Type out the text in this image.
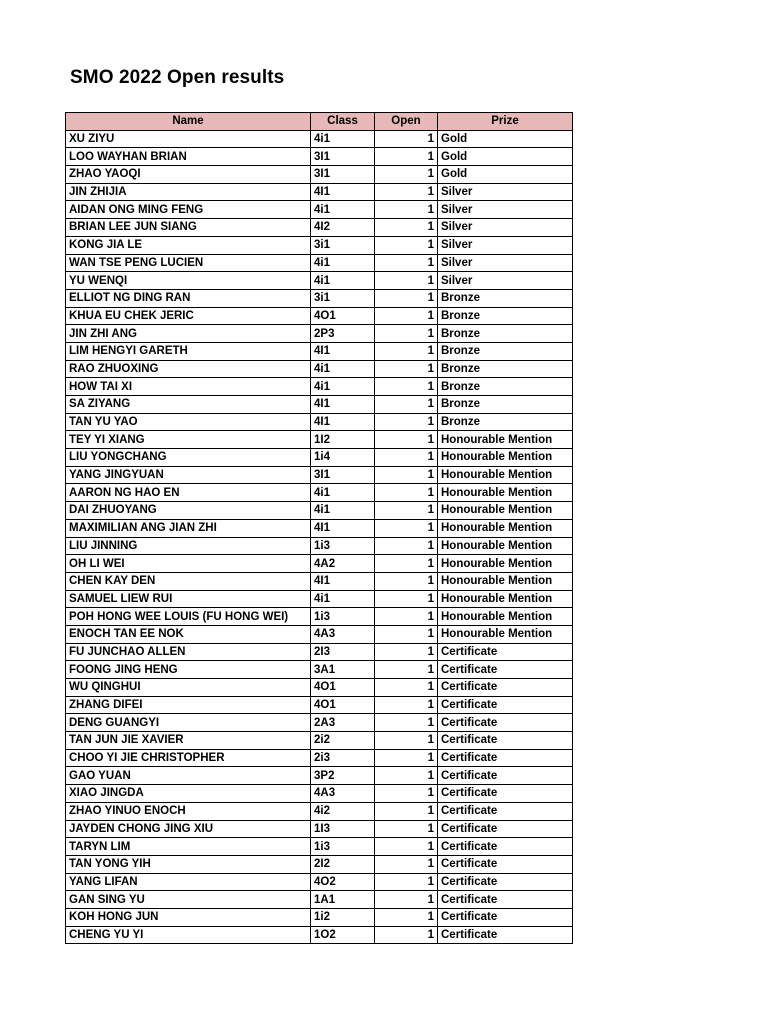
SMO 2022 Open results
Name	Class	Open	Prize
XU ZIYU	4i1	1	Gold
LOO WAYHAN BRIAN	3I1	1	Gold
ZHAO YAOQI	3I1	1	Gold
JIN ZHIJIA	4I1	1	Silver
AIDAN ONG MING FENG	4i1	1	Silver
BRIAN LEE JUN SIANG	4I2	1	Silver
KONG JIA LE	3i1	1	Silver
WAN TSE PENG LUCIEN	4i1	1	Silver
YU WENQI	4i1	1	Silver
ELLIOT NG DING RAN	3i1	1	Bronze
KHUA EU CHEK JERIC	4O1	1	Bronze
JIN ZHI ANG	2P3	1	Bronze
LIM HENGYI GARETH	4I1	1	Bronze
RAO ZHUOXING	4i1	1	Bronze
HOW TAI XI	4i1	1	Bronze
SA ZIYANG	4I1	1	Bronze
TAN YU YAO	4I1	1	Bronze
TEY YI XIANG	1I2	1	Honourable Mention
LIU YONGCHANG	1i4	1	Honourable Mention
YANG JINGYUAN	3I1	1	Honourable Mention
AARON NG HAO EN	4i1	1	Honourable Mention
DAI ZHUOYANG	4i1	1	Honourable Mention
MAXIMILIAN ANG JIAN ZHI	4I1	1	Honourable Mention
LIU JINNING	1i3	1	Honourable Mention
OH LI WEI	4A2	1	Honourable Mention
CHEN KAY DEN	4I1	1	Honourable Mention
SAMUEL LIEW RUI	4i1	1	Honourable Mention
POH HONG WEE LOUIS (FU HONG WEI)	1i3	1	Honourable Mention
ENOCH TAN EE NOK	4A3	1	Honourable Mention
FU JUNCHAO ALLEN	2I3	1	Certificate
FOONG JING HENG	3A1	1	Certificate
WU QINGHUI	4O1	1	Certificate
ZHANG DIFEI	4O1	1	Certificate
DENG GUANGYI	2A3	1	Certificate
TAN JUN JIE XAVIER	2i2	1	Certificate
CHOO YI JIE CHRISTOPHER	2i3	1	Certificate
GAO YUAN	3P2	1	Certificate
XIAO JINGDA	4A3	1	Certificate
ZHAO YINUO ENOCH	4i2	1	Certificate
JAYDEN CHONG JING XIU	1I3	1	Certificate
TARYN LIM	1i3	1	Certificate
TAN YONG YIH	2I2	1	Certificate
YANG LIFAN	4O2	1	Certificate
GAN SING YU	1A1	1	Certificate
KOH HONG JUN	1i2	1	Certificate
CHENG YU YI	1O2	1	Certificate
